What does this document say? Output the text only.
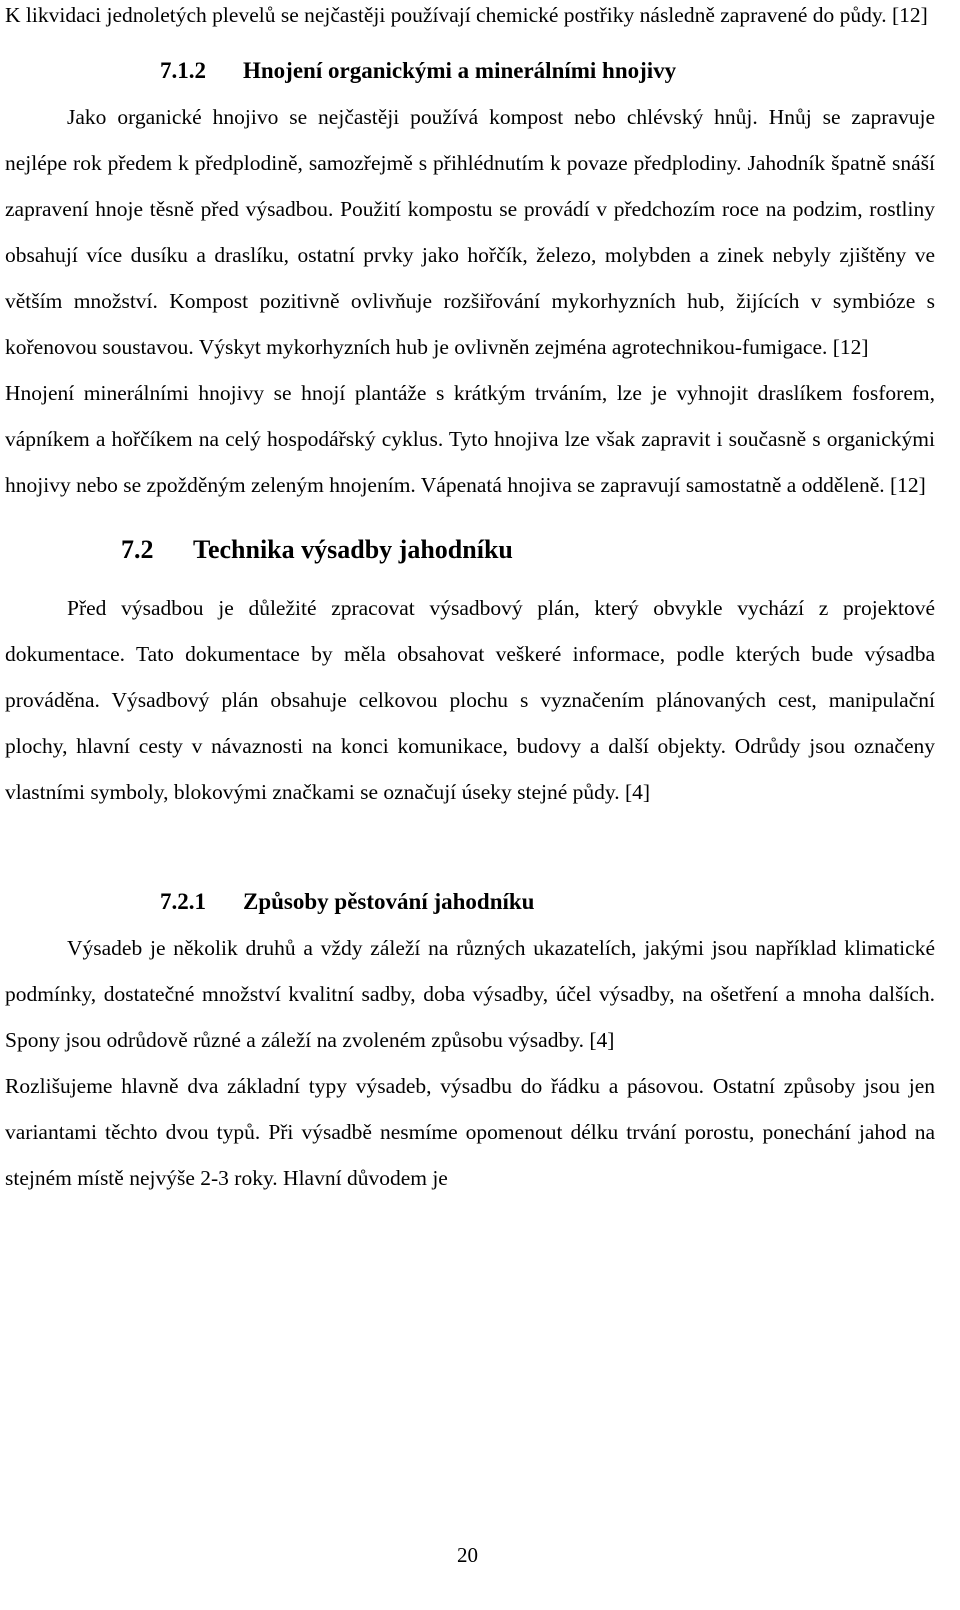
K likvidaci jednoletých plevelů se nejčastěji používají chemické postřiky následně zapravené do půdy. [12]

7.1.2 Hnojení organickými a minerálními hnojivy

Jako organické hnojivo se nejčastěji používá kompost nebo chlévský hnůj. Hnůj se zapravuje nejlépe rok předem k předplodině, samozřejmě s přihlédnutím k povaze předplodiny. Jahodník špatně snáší zapravení hnoje těsně před výsadbou. Použití kompostu se provádí v předchozím roce na podzim, rostliny obsahují více dusíku a draslíku, ostatní prvky jako hořčík, železo, molybden a zinek nebyly zjištěny ve větším množství. Kompost pozitivně ovlivňuje rozšiřování mykorhyzních hub, žijících v symbióze s kořenovou soustavou. Výskyt mykorhyzních hub je ovlivněn zejména agrotechnikou-fumigace. [12]

Hnojení minerálními hnojivy se hnojí plantáže s krátkým trváním, lze je vyhnojit draslíkem fosforem, vápníkem a hořčíkem na celý hospodářský cyklus. Tyto hnojiva lze však zapravit i současně s organickými hnojivy nebo se zpožděným zeleným hnojením. Vápenatá hnojiva se zapravují samostatně a odděleně. [12]

7.2 Technika výsadby jahodníku

Před výsadbou je důležité zpracovat výsadbový plán, který obvykle vychází z projektové dokumentace. Tato dokumentace by měla obsahovat veškeré informace, podle kterých bude výsadba prováděna. Výsadbový plán obsahuje celkovou plochu s vyznačením plánovaných cest, manipulační plochy, hlavní cesty v návaznosti na konci komunikace, budovy a další objekty. Odrůdy jsou označeny vlastními symboly, blokovými značkami se označují úseky stejné půdy. [4]

7.2.1 Způsoby pěstování jahodníku

Výsadeb je několik druhů a vždy záleží na různých ukazatelích, jakými jsou například klimatické podmínky, dostatečné množství kvalitní sadby, doba výsadby, účel výsadby, na ošetření a mnoha dalších. Spony jsou odrůdově různé a záleží na zvoleném způsobu výsadby. [4]

Rozlišujeme hlavně dva základní typy výsadeb, výsadbu do řádku a pásovou. Ostatní způsoby jsou jen variantami těchto dvou typů. Při výsadbě nesmíme opomenout délku trvání porostu, ponechání jahod na stejném místě nejvýše 2-3 roky. Hlavní důvodem je

20
